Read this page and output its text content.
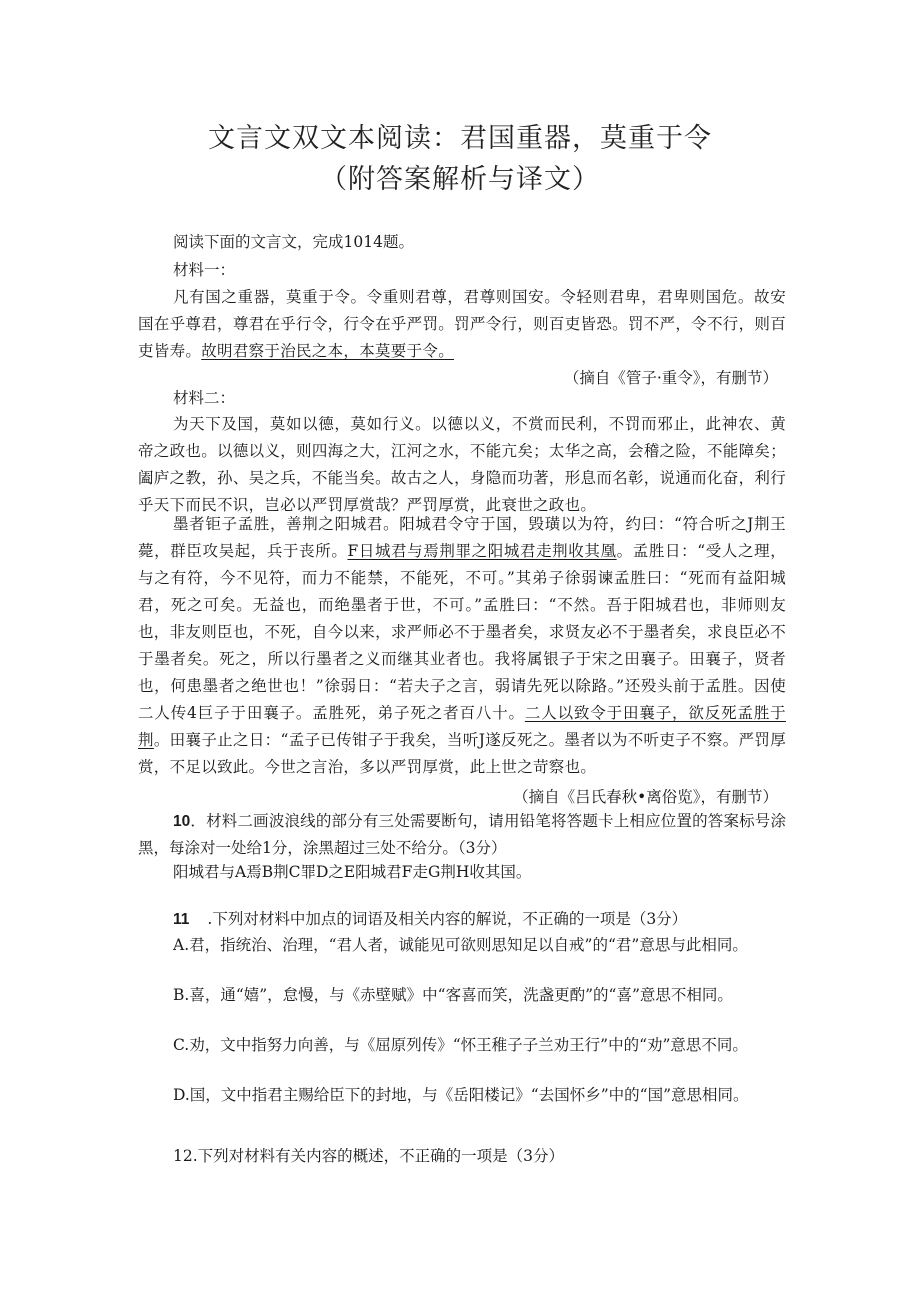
文言文双文本阅读：君国重器，莫重于令
（附答案解析与译文）
阅读下面的文言文，完成1014题。
材料一：
凡有国之重器，莫重于令。令重则君尊，君尊则国安。令轻则君卑，君卑则国危。故安国在乎尊君，尊君在乎行令，行令在乎严罚。罚严令行，则百吏皆恐。罚不严，令不行，则百吏皆寿。故明君察于治民之本，本莫要于令。
（摘自《管子·重令》，有删节）
材料二：
为天下及国，莫如以德，莫如行义。以德以义，不赏而民利，不罚而邪止，此神农、黄帝之政也。以德以义，则四海之大，江河之水，不能亢矣；太华之高，会稽之险，不能障矣；阖庐之教，孙、吴之兵，不能当矣。故古之人，身隐而功著，形息而名彰，说通而化奋，利行乎天下而民不识，岂必以严罚厚赏哉？严罚厚赏，此衰世之政也。
墨者钜子孟胜，善荆之阳城君。阳城君令守于国，毁璜以为符，约曰：“符合听之J荆王薨，群臣攻吴起，兵于丧所。F日城君与焉荆罪之阳城君走荆收其凰。孟胜日：“受人之理，与之有符，今不见符，而力不能禁，不能死，不可。”其弟子徐弱谏孟胜曰：“死而有益阳城君，死之可矣。无益也，而绝墨者于世，不可。”孟胜曰：“不然。吾于阳城君也，非师则友也，非友则臣也，不死，自今以来，求严师必不于墨者矣，求贤友必不于墨者矣，求良臣必不于墨者矣。死之，所以行墨者之义而继其业者也。我将属银子于宋之田襄子。田襄子，贤者也，何患墨者之绝世也！”徐弱日：“若夫子之言，弱请先死以除路。”还殁头前于孟胜。因使二人传4巨子于田襄子。孟胜死，弟子死之者百八十。二人以致令于田襄子，欲反死孟胜于荆。田襄子止之日：“孟子已传钳子于我矣，当听J遂反死之。墨者以为不听吏子不察。严罚厚赏，不足以致此。今世之言治，多以严罚厚赏，此上世之苛察也。
（摘自《吕氏春秋•离俗览》，有删节）
10．材料二画波浪线的部分有三处需要断句，请用铅笔将答题卡上相应位置的答案标号涂黑，每涂对一处给1分，涂黑超过三处不给分。（3分）
阳城君与A焉B荆C罪D之E阳城君F走G荆H收其国。
11 .下列对材料中加点的词语及相关内容的解说，不正确的一项是（3分）
A.君，指统治、治理，“君人者，诚能见可欲则思知足以自戒”的“君”意思与此相同。
B.喜，通“嬉”，怠慢，与《赤壁赋》中“客喜而笑，洗盏更酌”的“喜”意思不相同。
C.劝，文中指努力向善，与《屈原列传》“怀王稚子子兰劝王行”中的“劝”意思不同。
D.国，文中指君主赐给臣下的封地，与《岳阳楼记》“去国怀乡”中的“国”意思相同。
12.下列对材料有关内容的概述，不正确的一项是（3分）
